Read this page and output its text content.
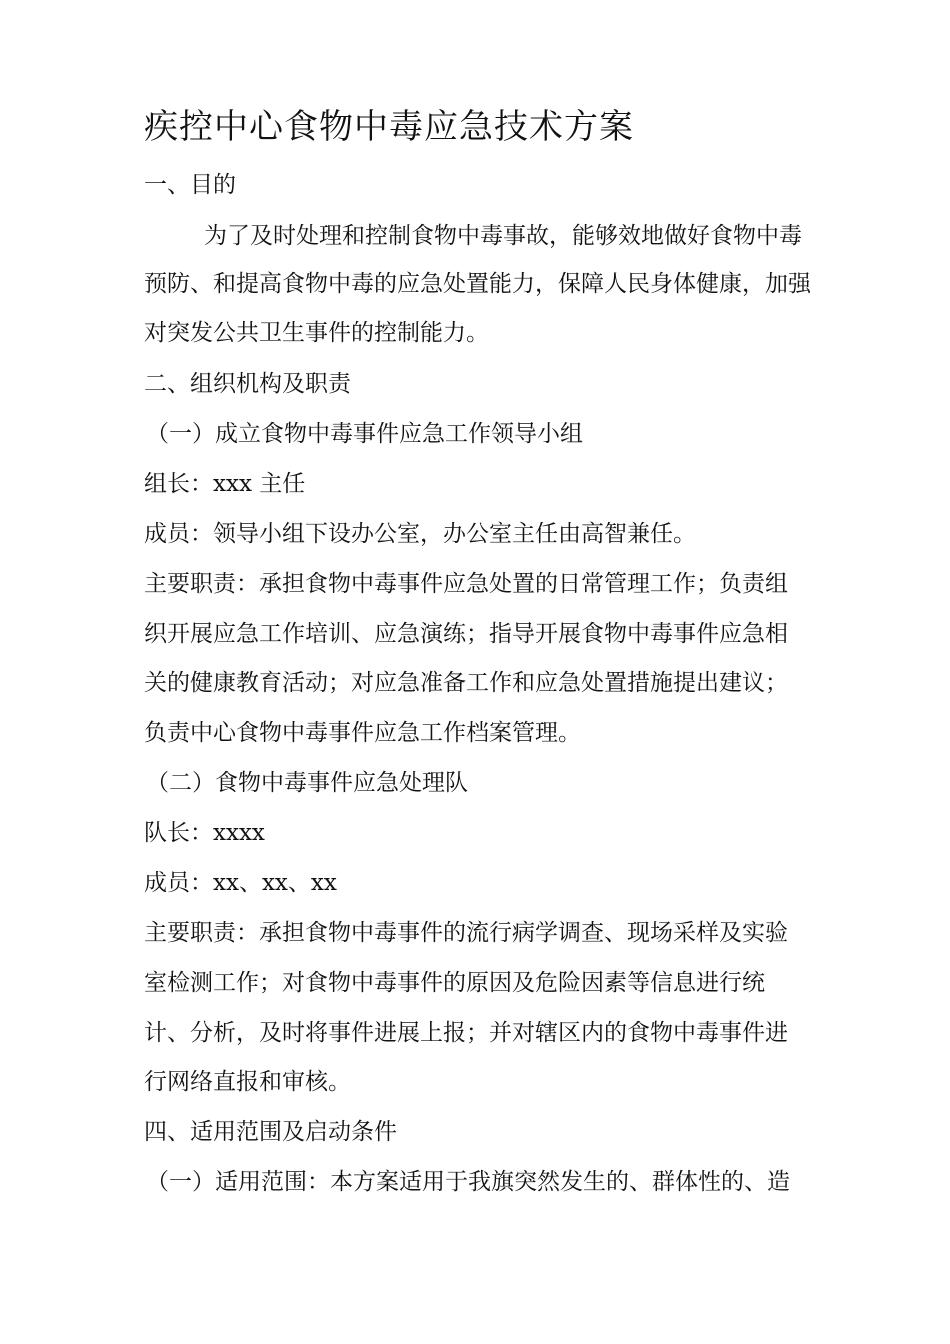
疾控中心食物中毒应急技术方案
一、目的
为了及时处理和控制食物中毒事故，能够效地做好食物中毒
预防、和提高食物中毒的应急处置能力，保障人民身体健康，加强
对突发公共卫生事件的控制能力。
二、组织机构及职责
（一）成立食物中毒事件应急工作领导小组
组长：xxx 主任
成员：领导小组下设办公室，办公室主任由高智兼任。
主要职责：承担食物中毒事件应急处置的日常管理工作；负责组
织开展应急工作培训、应急演练；指导开展食物中毒事件应急相
关的健康教育活动；对应急准备工作和应急处置措施提出建议；
负责中心食物中毒事件应急工作档案管理。
（二）食物中毒事件应急处理队
队长：xxxx
成员：xx、xx、xx
主要职责：承担食物中毒事件的流行病学调查、现场采样及实验
室检测工作；对食物中毒事件的原因及危险因素等信息进行统
计、分析，及时将事件进展上报；并对辖区内的食物中毒事件进
行网络直报和审核。
四、适用范围及启动条件
（一）适用范围：本方案适用于我旗突然发生的、群体性的、造
